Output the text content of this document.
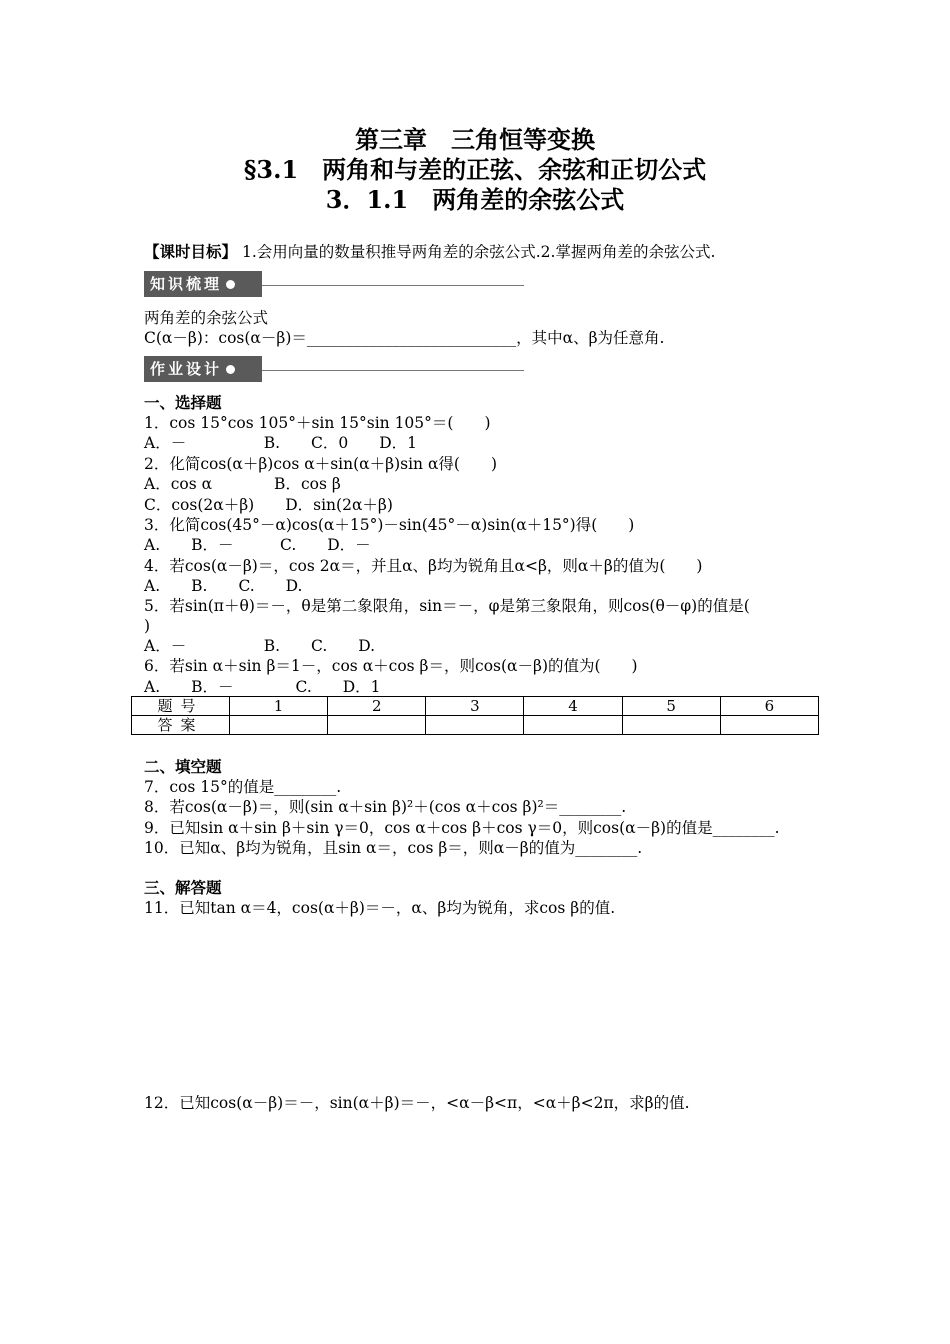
第三章　三角恒等变换
§3.1　两角和与差的正弦、余弦和正切公式
3．1.1　两角差的余弦公式
【课时目标】 1.会用向量的数量积推导两角差的余弦公式.2.掌握两角差的余弦公式.
知识梳理
两角差的余弦公式
C(α－β)：cos(α－β)＝___________________________，其中α、β为任意角.
作业设计
一、选择题
1．cos 15°cos 105°＋sin 15°sin 105°＝(　　)
A．－　　　　　B.　　C．0　　D．1
2．化简cos(α＋β)cos α＋sin(α＋β)sin α得(　　)
A．cos α　　　　B．cos β
C．cos(2α＋β)　　D．sin(2α＋β)
3．化简cos(45°－α)cos(α＋15°)－sin(45°－α)sin(α＋15°)得(　　)
A.　　B．－　　　C.　　D．－
4．若cos(α－β)＝，cos 2α＝，并且α、β均为锐角且α<β，则α＋β的值为(　　)
A.　　B.　　C.　　D.
5．若sin(π＋θ)＝－，θ是第二象限角，sin＝－，φ是第三象限角，则cos(θ－φ)的值是(
)
A．－　　　　　B.　　C.　　D.
6．若sin α＋sin β＝1－，cos α＋cos β＝，则cos(α－β)的值为(　　)
A.　　B．－　　　　C.　　D．1
题号	1	2	3	4	5	6
答案						
二、填空题
7．cos 15°的值是________.
8．若cos(α－β)＝，则(sin α＋sin β)²＋(cos α＋cos β)²＝________.
9．已知sin α＋sin β＋sin γ＝0，cos α＋cos β＋cos γ＝0，则cos(α－β)的值是________.
10．已知α、β均为锐角，且sin α＝，cos β＝，则α－β的值为________.
三、解答题
11．已知tan α＝4，cos(α＋β)＝－，α、β均为锐角，求cos β的值.
12．已知cos(α－β)＝－，sin(α＋β)＝－，<α－β<π，<α＋β<2π，求β的值.
